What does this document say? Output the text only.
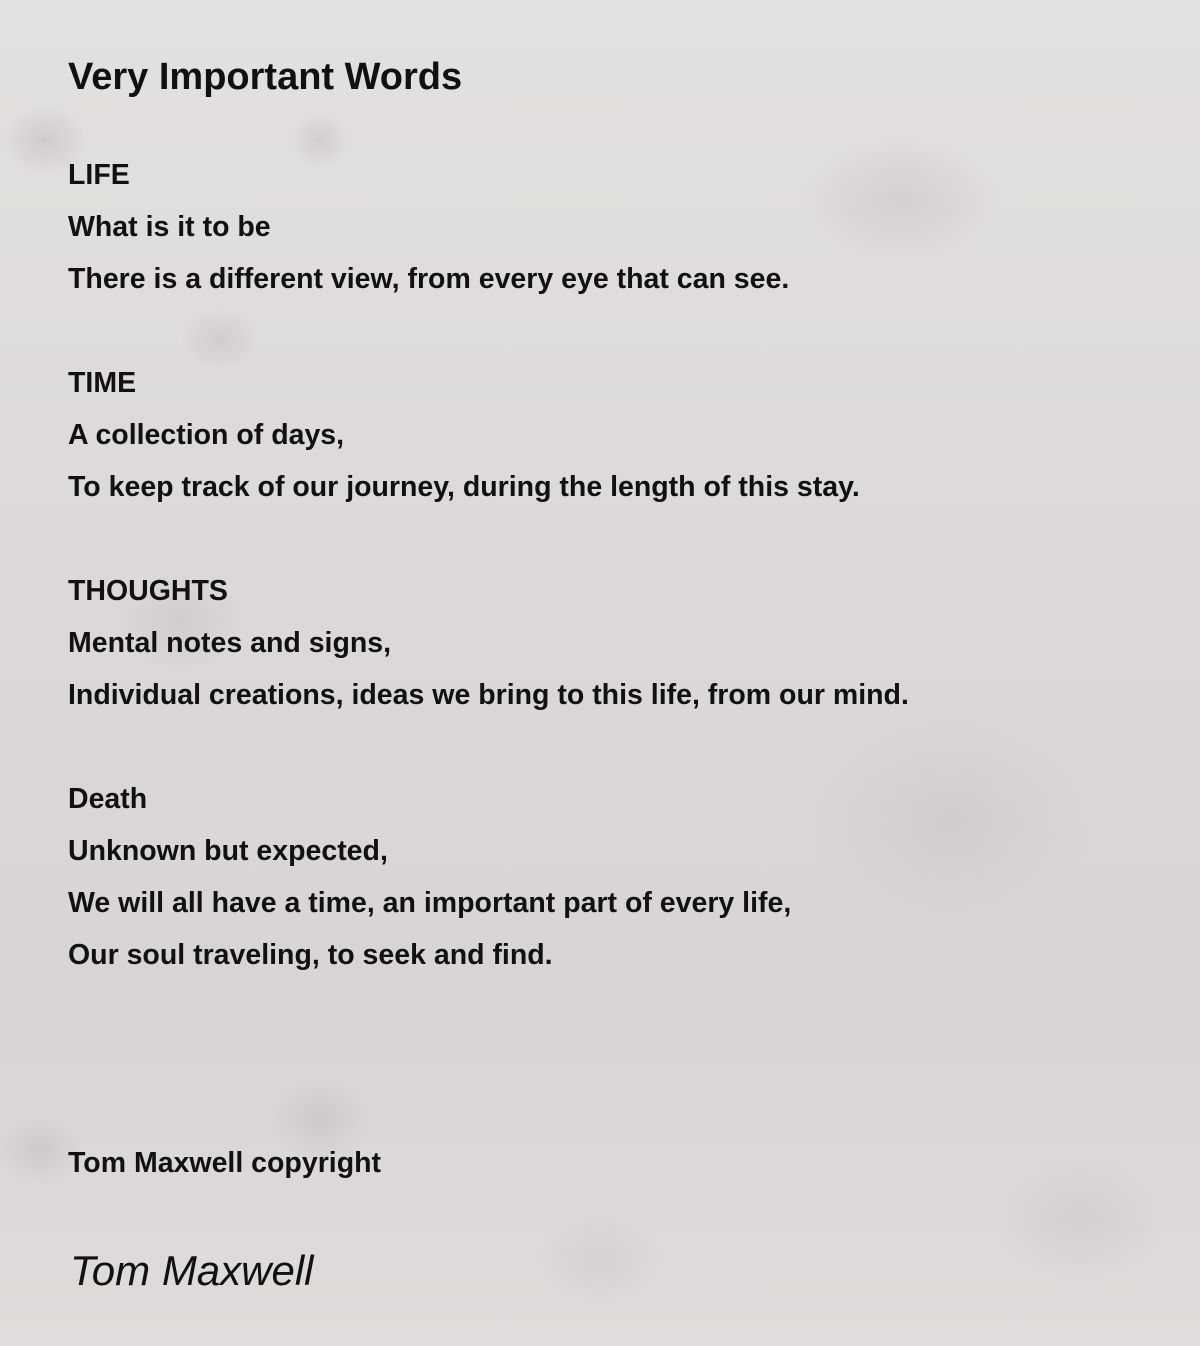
Very Important Words
LIFE
What is it to be
There is a different view, from every eye that can see.
TIME
A collection of days,
To keep track of our journey, during the length of this stay.
THOUGHTS
Mental notes and signs,
Individual creations, ideas we bring to this life, from our mind.
Death
Unknown but expected,
We will all have a time, an important part of every life,
Our soul traveling, to seek and find.
Tom Maxwell copyright
Tom Maxwell
